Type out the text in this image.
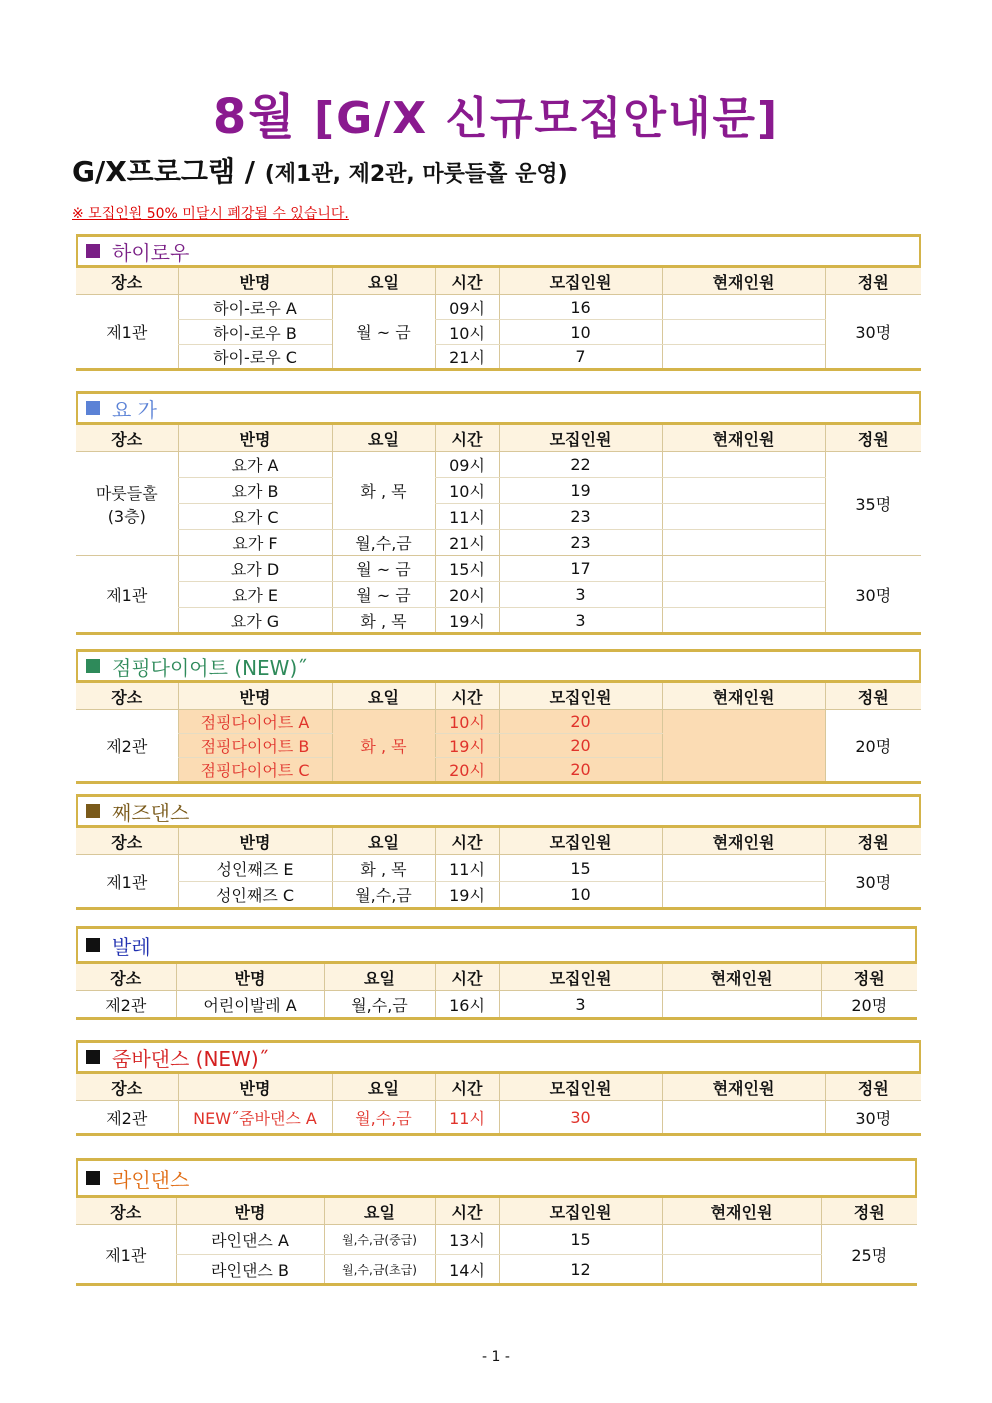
8월 [G/X 신규모집안내문]
G/X프로그램 / (제1관, 제2관, 마룻들홀 운영)
※ 모집인원 50% 미달시 폐강될 수 있습니다.
하이로우
장소	반명	요일	시간	모집인원	현재인원	정원
제1관	하이-로우 A	월 ~ 금	09시	16		30명
	하이-로우 B		10시	10		
	하이-로우 C		21시	7		
요 가
장소	반명	요일	시간	모집인원	현재인원	정원

마룻들홀
(3층)	요가 A	화 , 목	09시	22		35명
	요가 B		10시	19		
	요가 C		11시	23		
	요가 F	월,수,금	21시	23		
제1관	요가 D	월 ~ 금	15시	17		30명
	요가 E	월 ~ 금	20시	3		
	요가 G	화 , 목	19시	3		
점핑다이어트 (NEW)˝
장소	반명	요일	시간	모집인원	현재인원	정원
제2관	점핑다이어트 A	화 , 목	10시	20		20명
	점핑다이어트 B		19시	20		
	점핑다이어트 C		20시	20		
째즈댄스
장소	반명	요일	시간	모집인원	현재인원	정원
제1관	성인째즈 E	화 , 목	11시	15		30명
	성인째즈 C	월,수,금	19시	10		
발레
장소	반명	요일	시간	모집인원	현재인원	정원
제2관	어린이발레 A	월,수,금	16시	3		20명
줌바댄스 (NEW)˝
장소	반명	요일	시간	모집인원	현재인원	정원
제2관	NEW˝줌바댄스 A	월,수,금	11시	30		30명
라인댄스
장소	반명	요일	시간	모집인원	현재인원	정원
제1관	라인댄스 A	월,수,금(중급)	13시	15		25명
	라인댄스 B	월,수,금(초급)	14시	12		
- 1 -
